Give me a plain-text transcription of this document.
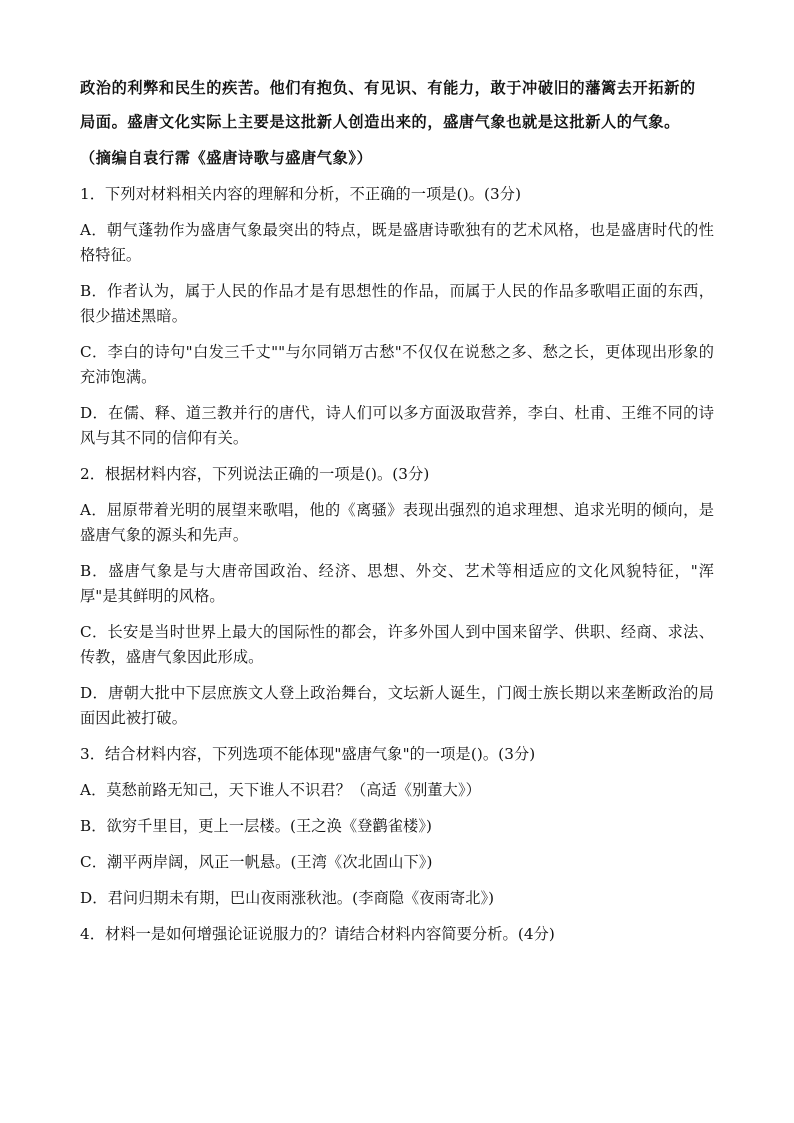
政治的利弊和民生的疾苦。他们有抱负、有见识、有能力，敢于冲破旧的藩篱去开拓新的

局面。盛唐文化实际上主要是这批新人创造出来的，盛唐气象也就是这批新人的气象。

（摘编自袁行霈《盛唐诗歌与盛唐气象》）

1．下列对材料相关内容的理解和分析，不正确的一项是()。(3分)

A．朝气蓬勃作为盛唐气象最突出的特点，既是盛唐诗歌独有的艺术风格，也是盛唐时代的性格特征。

B．作者认为，属于人民的作品才是有思想性的作品，而属于人民的作品多歌唱正面的东西，很少描述黑暗。

C．李白的诗句"白发三千丈""与尔同销万古愁"不仅仅在说愁之多、愁之长，更体现出形象的充沛饱满。

D．在儒、释、道三教并行的唐代，诗人们可以多方面汲取营养，李白、杜甫、王维不同的诗风与其不同的信仰有关。

2．根据材料内容，下列说法正确的一项是()。(3分)

A．屈原带着光明的展望来歌唱，他的《离骚》表现出强烈的追求理想、追求光明的倾向，是盛唐气象的源头和先声。

B．盛唐气象是与大唐帝国政治、经济、思想、外交、艺术等相适应的文化风貌特征，"浑厚"是其鲜明的风格。

C．长安是当时世界上最大的国际性的都会，许多外国人到中国来留学、供职、经商、求法、传教，盛唐气象因此形成。

D．唐朝大批中下层庶族文人登上政治舞台，文坛新人诞生，门阀士族长期以来垄断政治的局面因此被打破。

3．结合材料内容，下列选项不能体现"盛唐气象"的一项是()。(3分)

A．莫愁前路无知己，天下谁人不识君？（高适《别董大》）

B．欲穷千里目，更上一层楼。(王之涣《登鹳雀楼》)

C．潮平两岸阔，风正一帆悬。(王湾《次北固山下》)

D．君问归期未有期，巴山夜雨涨秋池。(李商隐《夜雨寄北》)

4．材料一是如何增强论证说服力的？请结合材料内容简要分析。(4分)
